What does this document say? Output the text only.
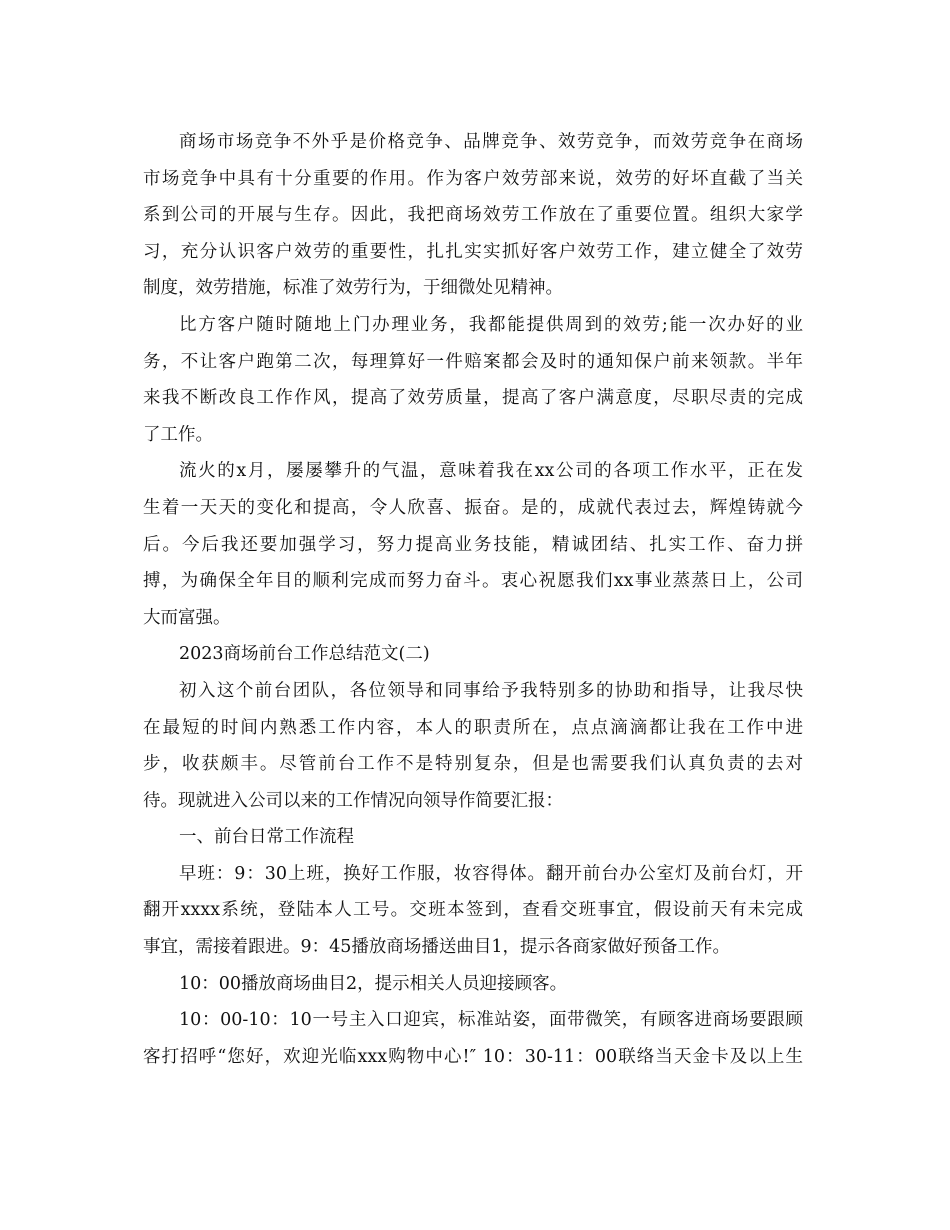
商场市场竞争不外乎是价格竞争、品牌竞争、效劳竞争，而效劳竞争在商场
市场竞争中具有十分重要的作用。作为客户效劳部来说，效劳的好坏直截了当关
系到公司的开展与生存。因此，我把商场效劳工作放在了重要位置。组织大家学
习，充分认识客户效劳的重要性，扎扎实实抓好客户效劳工作，建立健全了效劳
制度，效劳措施，标准了效劳行为，于细微处见精神。
比方客户随时随地上门办理业务，我都能提供周到的效劳;能一次办好的业
务，不让客户跑第二次，每理算好一件赔案都会及时的通知保户前来领款。半年
来我不断改良工作作风，提高了效劳质量，提高了客户满意度，尽职尽责的完成
了工作。
流火的x月，屡屡攀升的气温，意味着我在xx公司的各项工作水平，正在发
生着一天天的变化和提高，令人欣喜、振奋。是的，成就代表过去，辉煌铸就今
后。今后我还要加强学习，努力提高业务技能，精诚团结、扎实工作、奋力拼
搏，为确保全年目的顺利完成而努力奋斗。衷心祝愿我们xx事业蒸蒸日上，公司
大而富强。
2023商场前台工作总结范文(二)
初入这个前台团队，各位领导和同事给予我特别多的协助和指导，让我尽快
在最短的时间内熟悉工作内容，本人的职责所在，点点滴滴都让我在工作中进
步，收获颇丰。尽管前台工作不是特别复杂，但是也需要我们认真负责的去对
待。现就进入公司以来的工作情况向领导作简要汇报：
一、前台日常工作流程
早班：9：30上班，换好工作服，妆容得体。翻开前台办公室灯及前台灯，开
翻开xxxx系统，登陆本人工号。交班本签到，查看交班事宜，假设前天有未完成
事宜，需接着跟进。9：45播放商场播送曲目1，提示各商家做好预备工作。
10：00播放商场曲目2，提示相关人员迎接顾客。
10：00-10：10一号主入口迎宾，标准站姿，面带微笑，有顾客进商场要跟顾
客打招呼“您好，欢迎光临xxx购物中心!″ 10：30-11：00联络当天金卡及以上生
